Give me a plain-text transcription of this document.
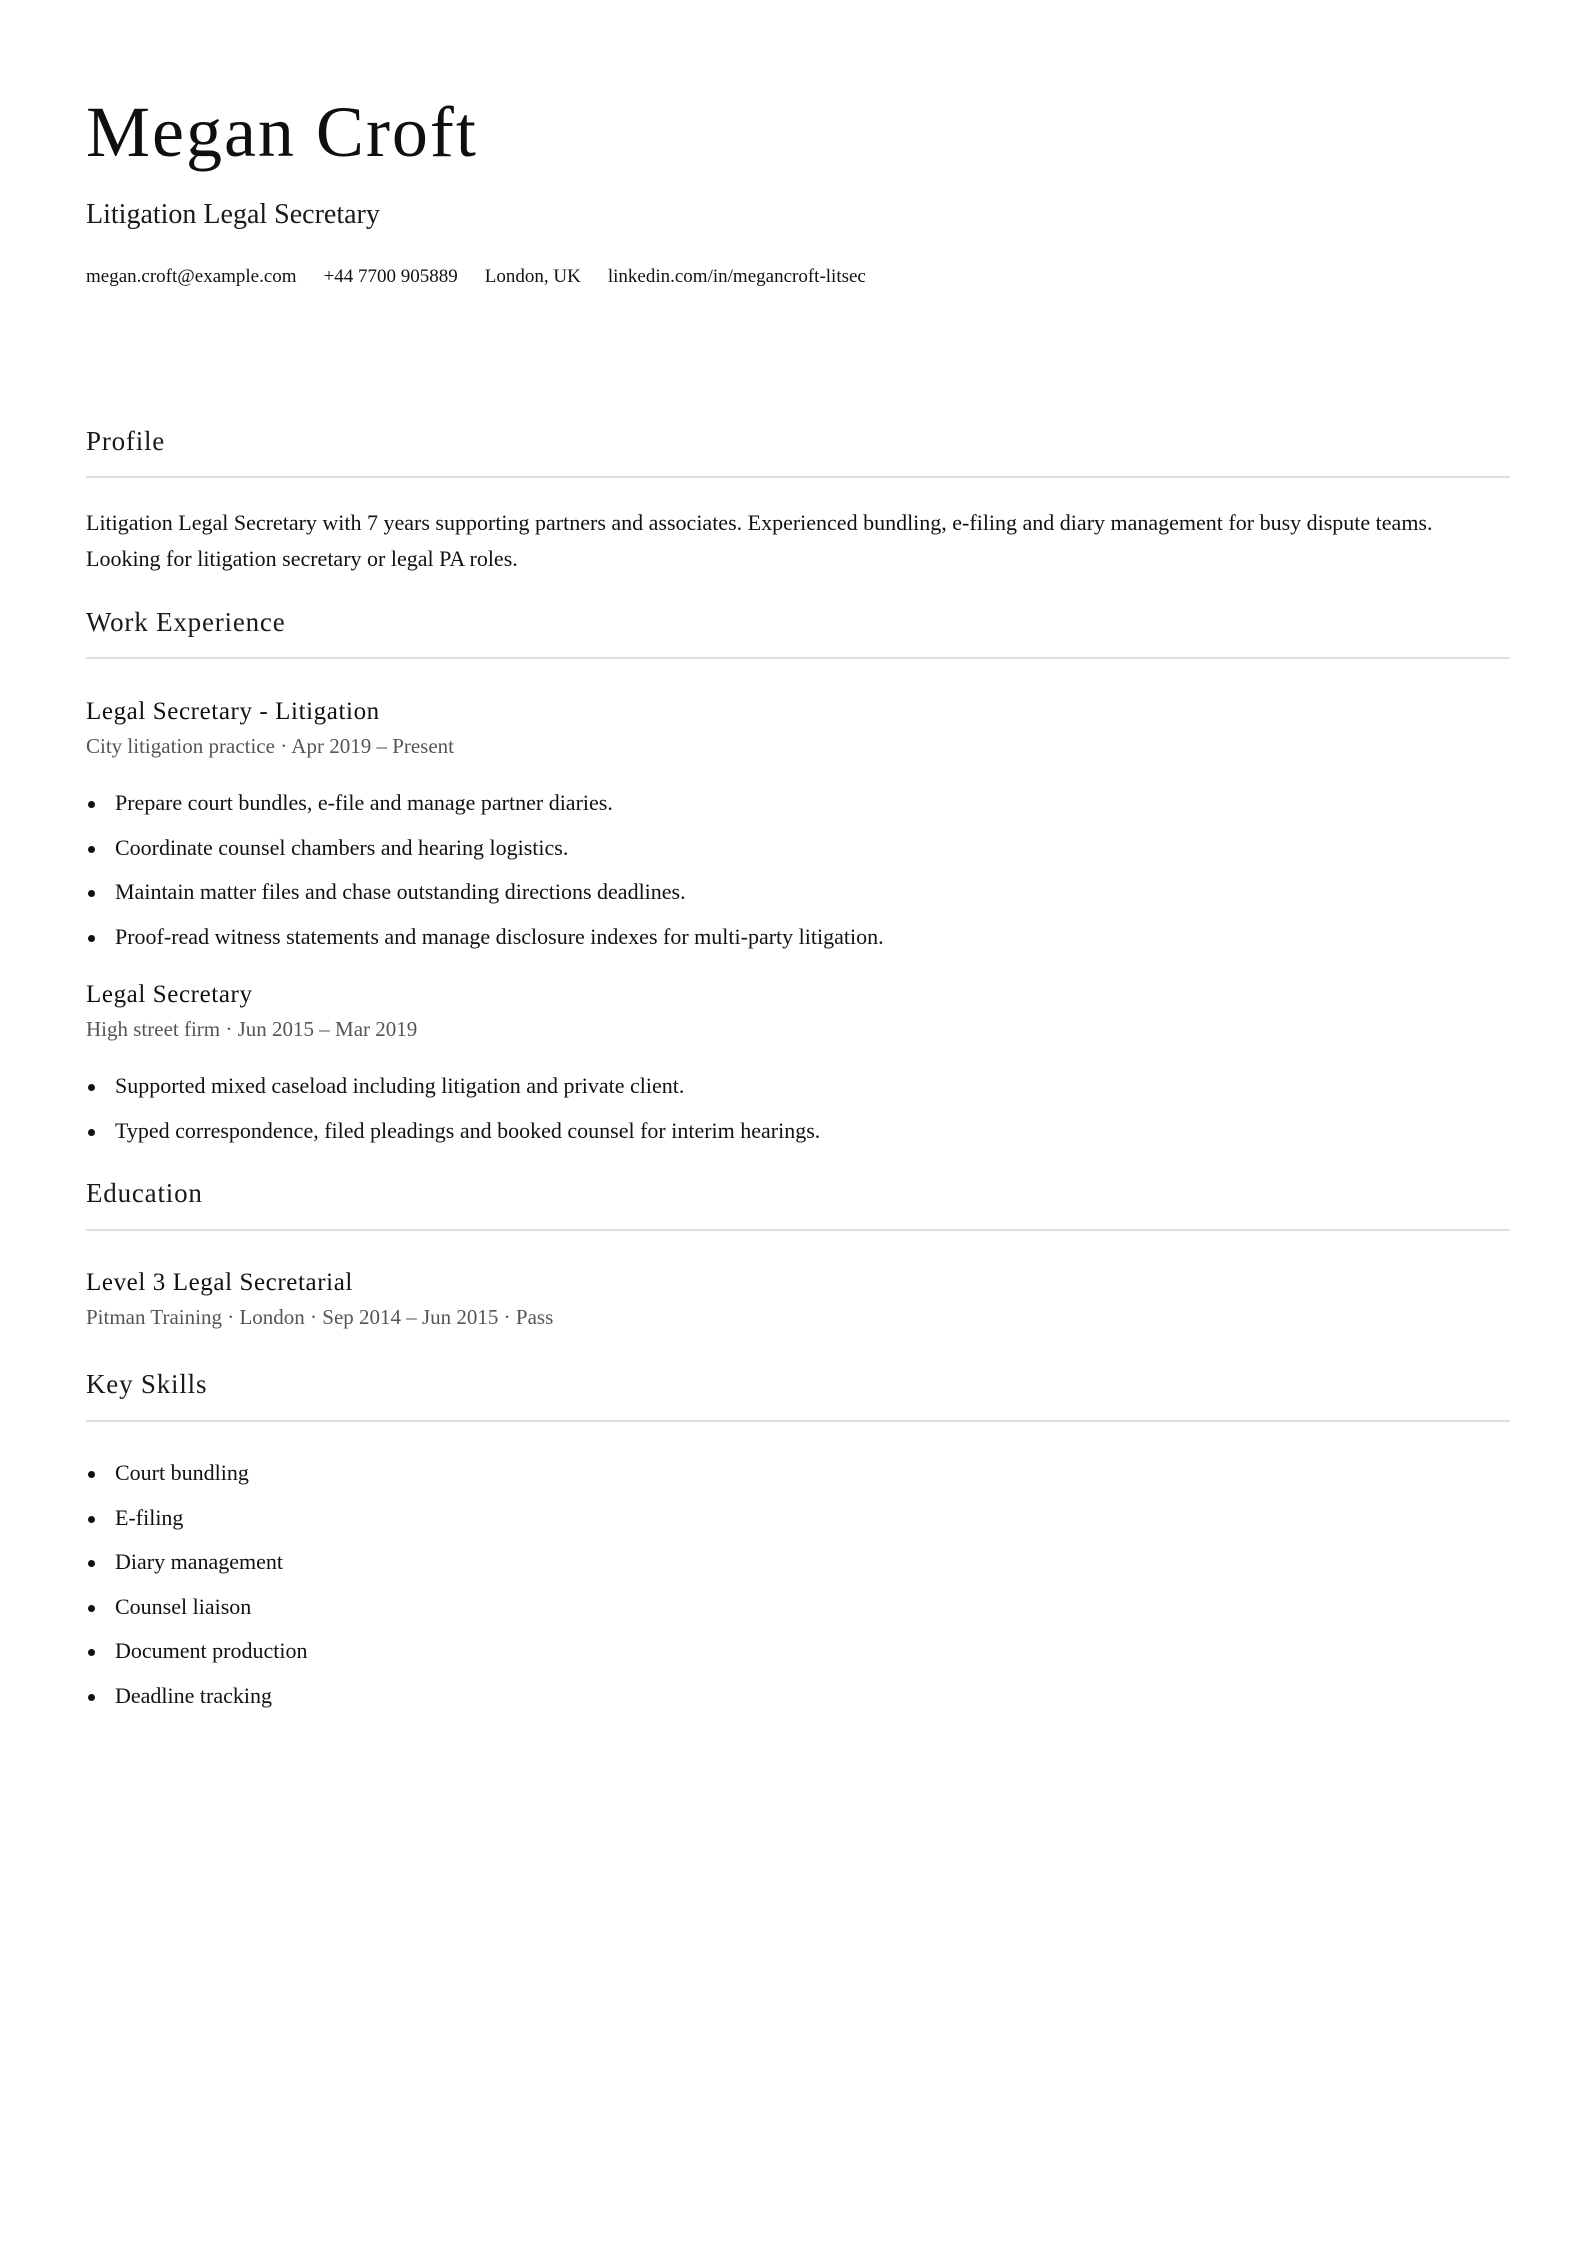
Megan Croft
Litigation Legal Secretary
megan.croft@example.com +44 7700 905889 London, UK linkedin.com/in/megancroft-litsec
Profile

Litigation Legal Secretary with 7 years supporting partners and associates. Experienced bundling, e-filing and diary management for busy dispute teams. Looking for litigation secretary or legal PA roles.

Work Experience
Legal Secretary - Litigation
City litigation practice · Apr 2019 – Present
Prepare court bundles, e-file and manage partner diaries.
Coordinate counsel chambers and hearing logistics.
Maintain matter files and chase outstanding directions deadlines.
Proof-read witness statements and manage disclosure indexes for multi-party litigation.
Legal Secretary
High street firm · Jun 2015 – Mar 2019
Supported mixed caseload including litigation and private client.
Typed correspondence, filed pleadings and booked counsel for interim hearings.
Education
Level 3 Legal Secretarial
Pitman Training · London · Sep 2014 – Jun 2015 · Pass
Key Skills
Court bundling
E-filing
Diary management
Counsel liaison
Document production
Deadline tracking
